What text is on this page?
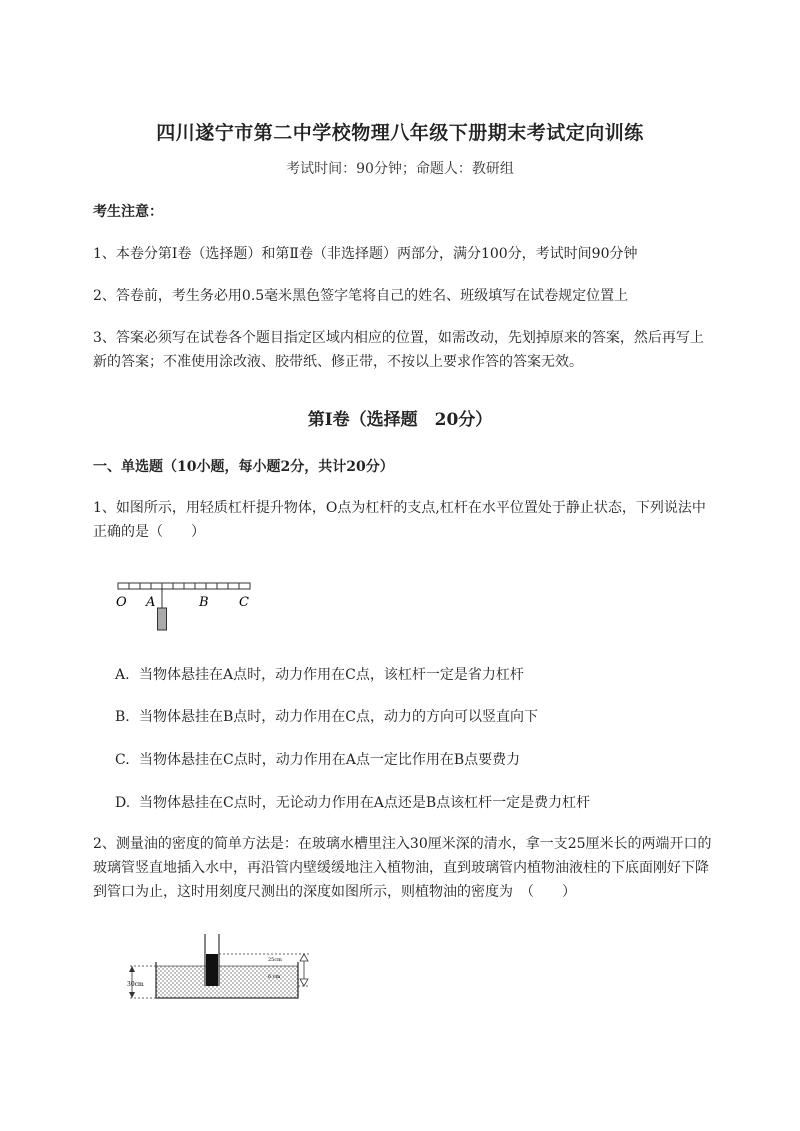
四川遂宁市第二中学校物理八年级下册期末考试定向训练
考试时间：90分钟；命题人：教研组

考生注意：

1、本卷分第I卷（选择题）和第Ⅱ卷（非选择题）两部分，满分100分，考试时间90分钟

2、答卷前，考生务必用0.5毫米黑色签字笔将自己的姓名、班级填写在试卷规定位置上

3、答案必须写在试卷各个题目指定区域内相应的位置，如需改动，先划掉原来的答案，然后再写上新的答案；不准使用涂改液、胶带纸、修正带，不按以上要求作答的答案无效。

第I卷（选择题　20分）

一、单选题（10小题，每小题2分，共计20分）

1、如图所示，用轻质杠杆提升物体，O点为杠杆的支点,杠杆在水平位置处于静止状态，下列说法中正确的是（　　）

O A	B C
A. 当物体悬挂在A点时，动力作用在C点，该杠杆一定是省力杠杆
B. 当物体悬挂在B点时，动力作用在C点，动力的方向可以竖直向下
C. 当物体悬挂在C点时，动力作用在A点一定比作用在B点要费力
D. 当物体悬挂在C点时，无论动力作用在A点还是B点该杠杆一定是费力杠杆

2、测量油的密度的简单方法是：在玻璃水槽里注入30厘米深的清水，拿一支25厘米长的两端开口的玻璃管竖直地插入水中，再沿管内壁缓缓地注入植物油，直到玻璃管内植物油液柱的下底面刚好下降到管口为止，这时用刻度尺测出的深度如图所示，则植物油的密度为　（　　）

30cm
25cm
6 cm
